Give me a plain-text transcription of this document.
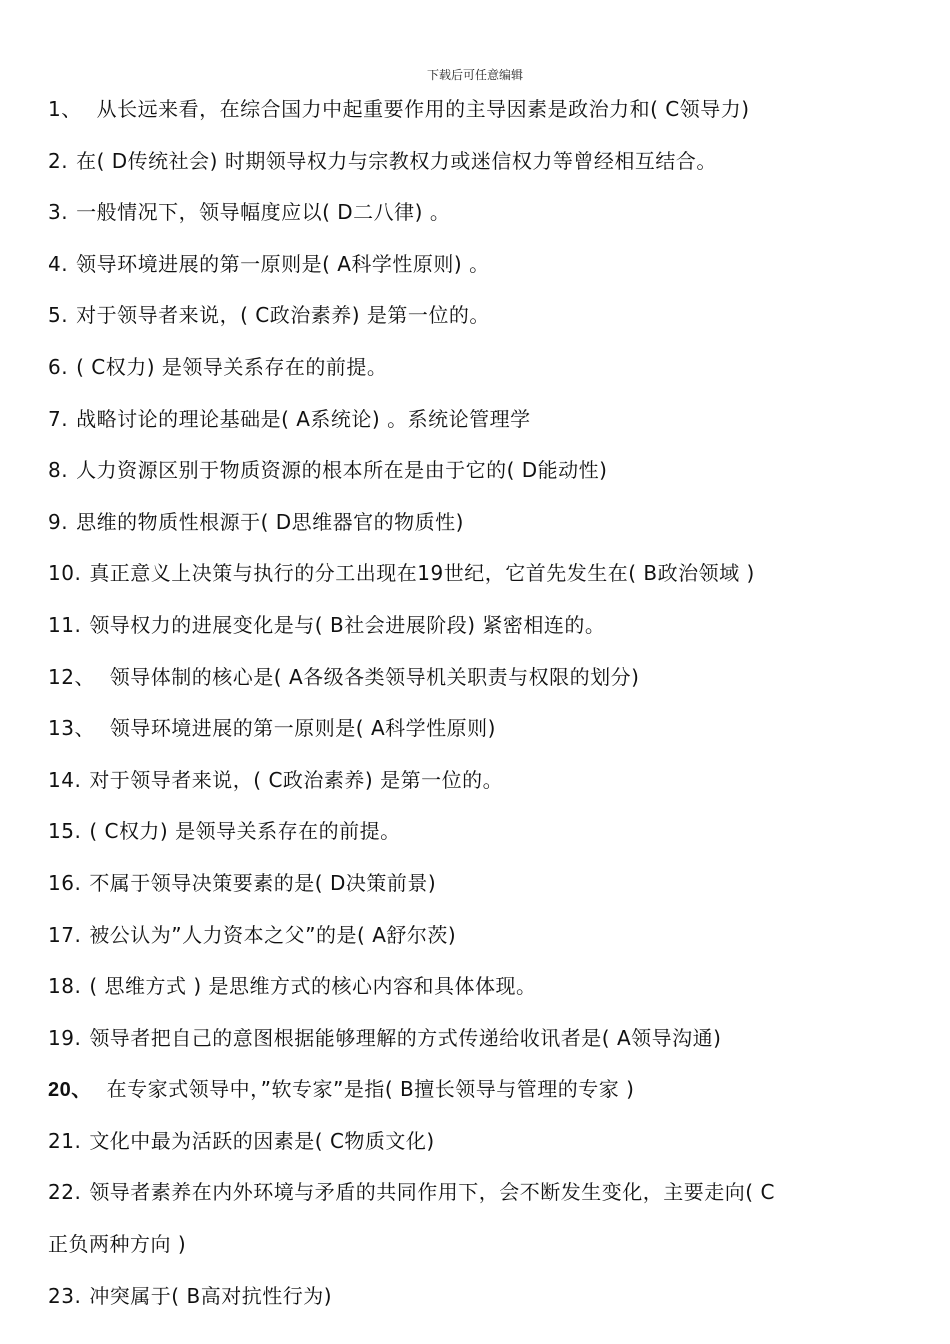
下载后可任意编辑
1、 从长远来看，在综合国力中起重要作用的主导因素是政治力和( C领导力)
2. 在( D传统社会) 时期领导权力与宗教权力或迷信权力等曾经相互结合。
3. 一般情况下，领导幅度应以( D二八律) 。
4. 领导环境进展的第一原则是( A科学性原则) 。
5. 对于领导者来说，( C政治素养) 是第一位的。
6. ( C权力) 是领导关系存在的前提。
7. 战略讨论的理论基础是( A系统论) 。系统论管理学
8. 人力资源区别于物质资源的根本所在是由于它的( D能动性)
9. 思维的物质性根源于( D思维器官的物质性)
10. 真正意义上决策与执行的分工出现在19世纪，它首先发生在( B政治领域 )
11. 领导权力的进展变化是与( B社会进展阶段) 紧密相连的。
12、 领导体制的核心是( A各级各类领导机关职责与权限的划分)
13、 领导环境进展的第一原则是( A科学性原则)
14. 对于领导者来说，( C政治素养) 是第一位的。
15. ( C权力) 是领导关系存在的前提。
16. 不属于领导决策要素的是( D决策前景)
17. 被公认为”人力资本之父”的是( A舒尔茨)
18. ( 思维方式 ) 是思维方式的核心内容和具体体现。
19. 领导者把自己的意图根据能够理解的方式传递给收讯者是( A领导沟通)
20、 在专家式领导中，”软专家”是指( B擅长领导与管理的专家 )
21. 文化中最为活跃的因素是( C物质文化)
22. 领导者素养在内外环境与矛盾的共同作用下，会不断发生变化，主要走向( C
正负两种方向 )
23. 冲突属于( B高对抗性行为)
